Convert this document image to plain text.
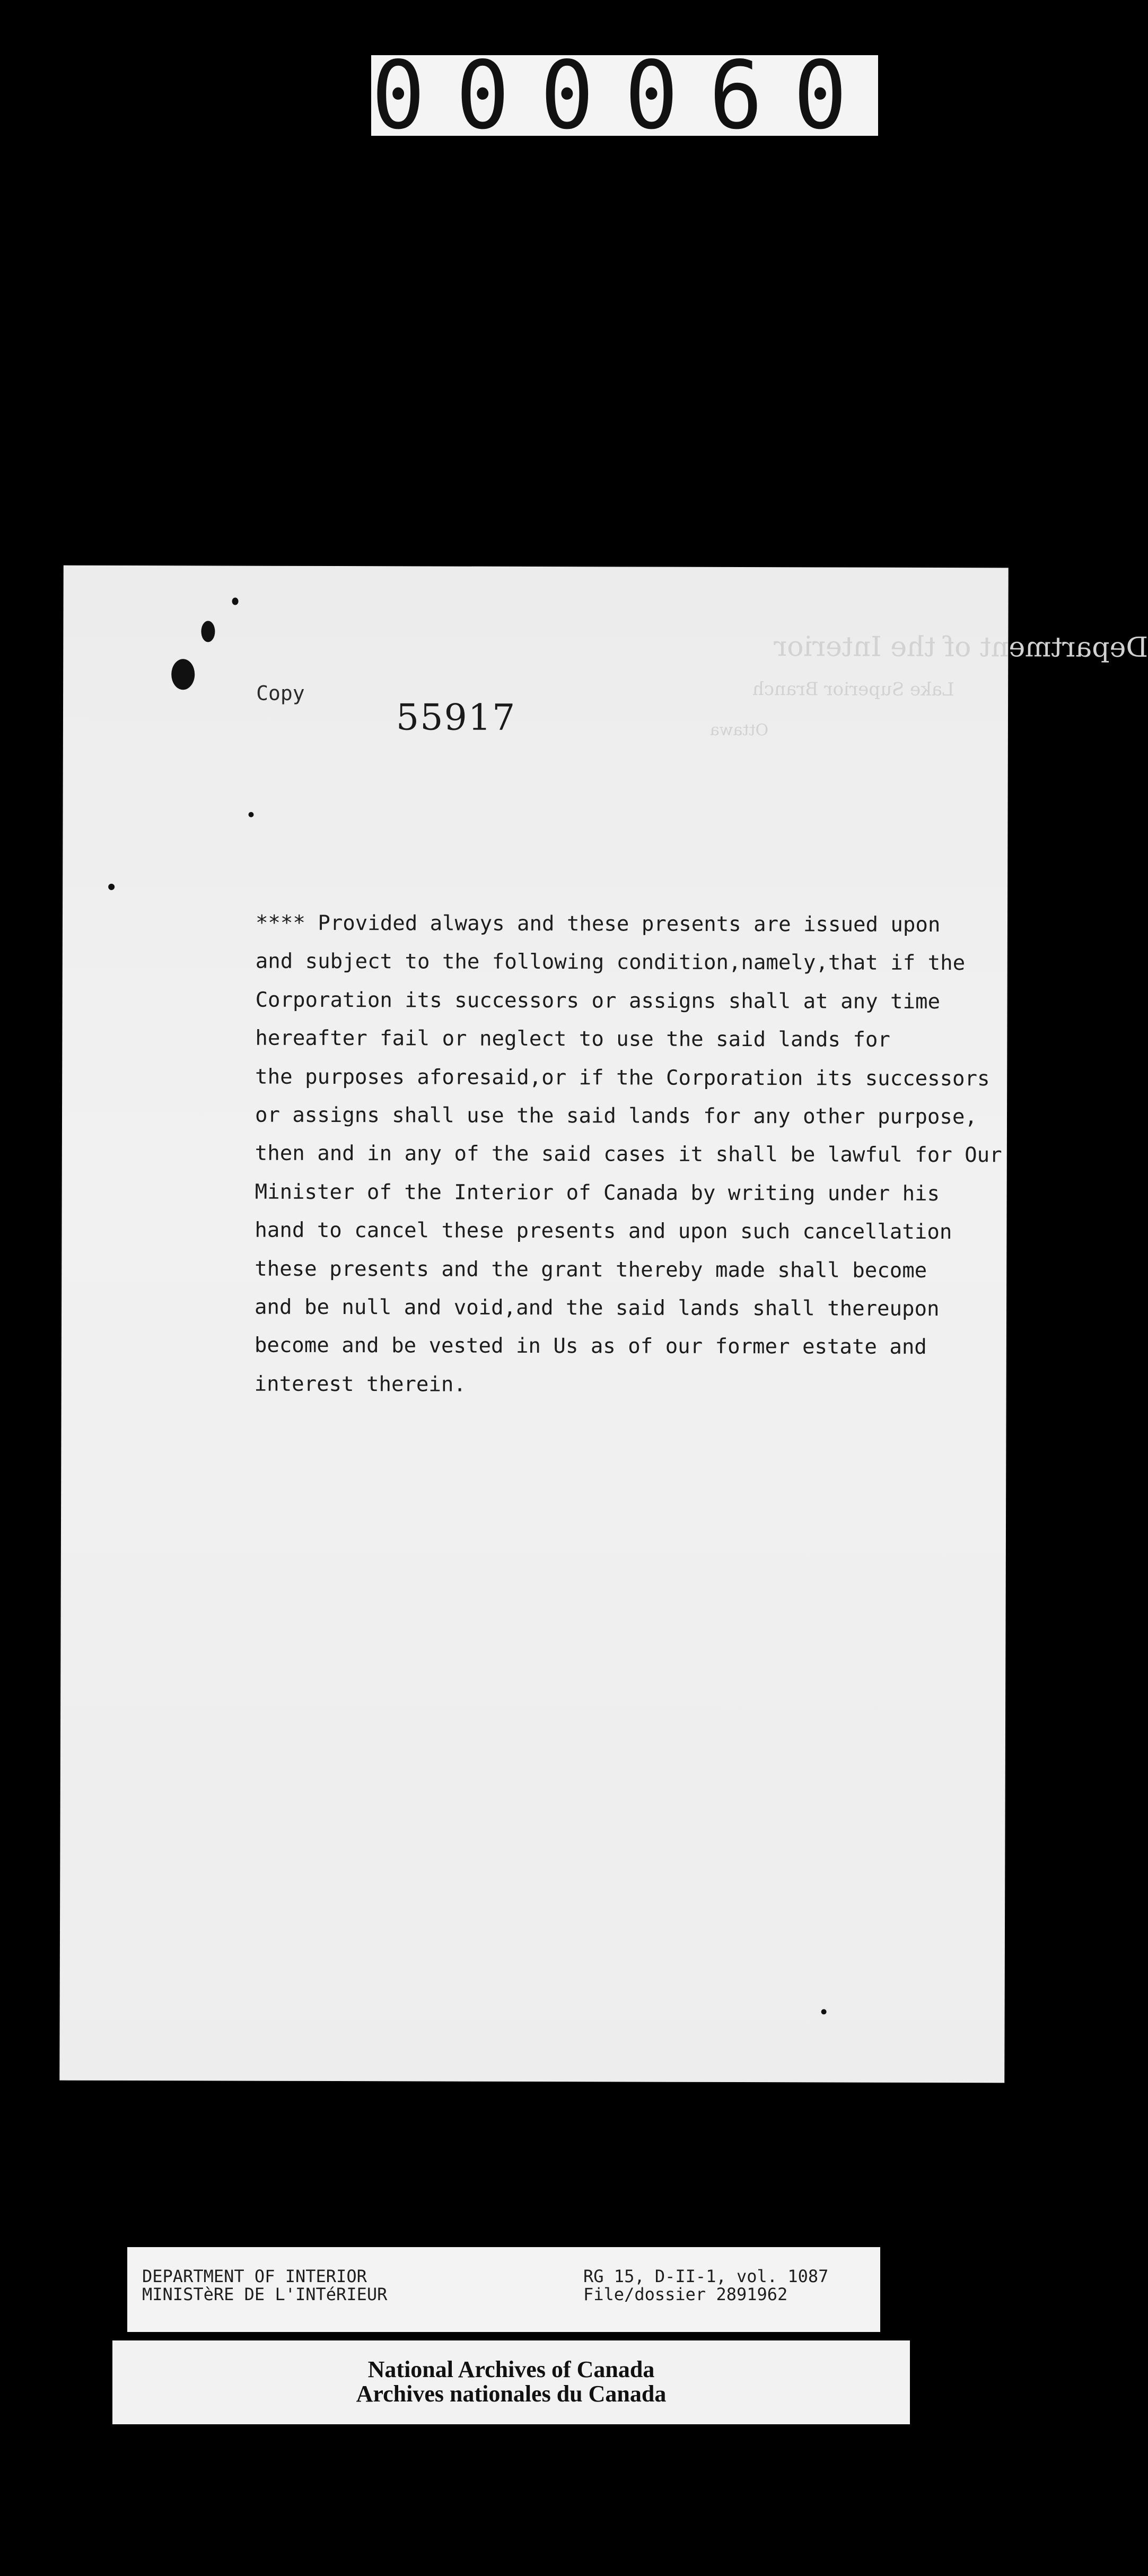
000060
Department of the Interior
Lake Superior Branch
Ottawa
Copy
55917
**** Provided always and these presents are issued upon
and subject to the following condition,namely,that if the
Corporation its successors or assigns shall at any time
hereafter fail or neglect to use the said lands for
the purposes aforesaid,or if the Corporation its successors
or assigns shall use the said lands for any other purpose,
then and in any of the said cases it shall be lawful for Our
Minister of the Interior of Canada by writing under his
hand to cancel these presents and upon such cancellation
these presents and the grant thereby made shall become
and be null and void,and the said lands shall thereupon
become and be vested in Us as of our former estate and
interest therein.
DEPARTMENT OF INTERIOR
MINISTèRE DE L'INTéRIEUR
RG 15, D-II-1, vol. 1087
File/dossier 2891962
National Archives of Canada
Archives nationales du Canada
